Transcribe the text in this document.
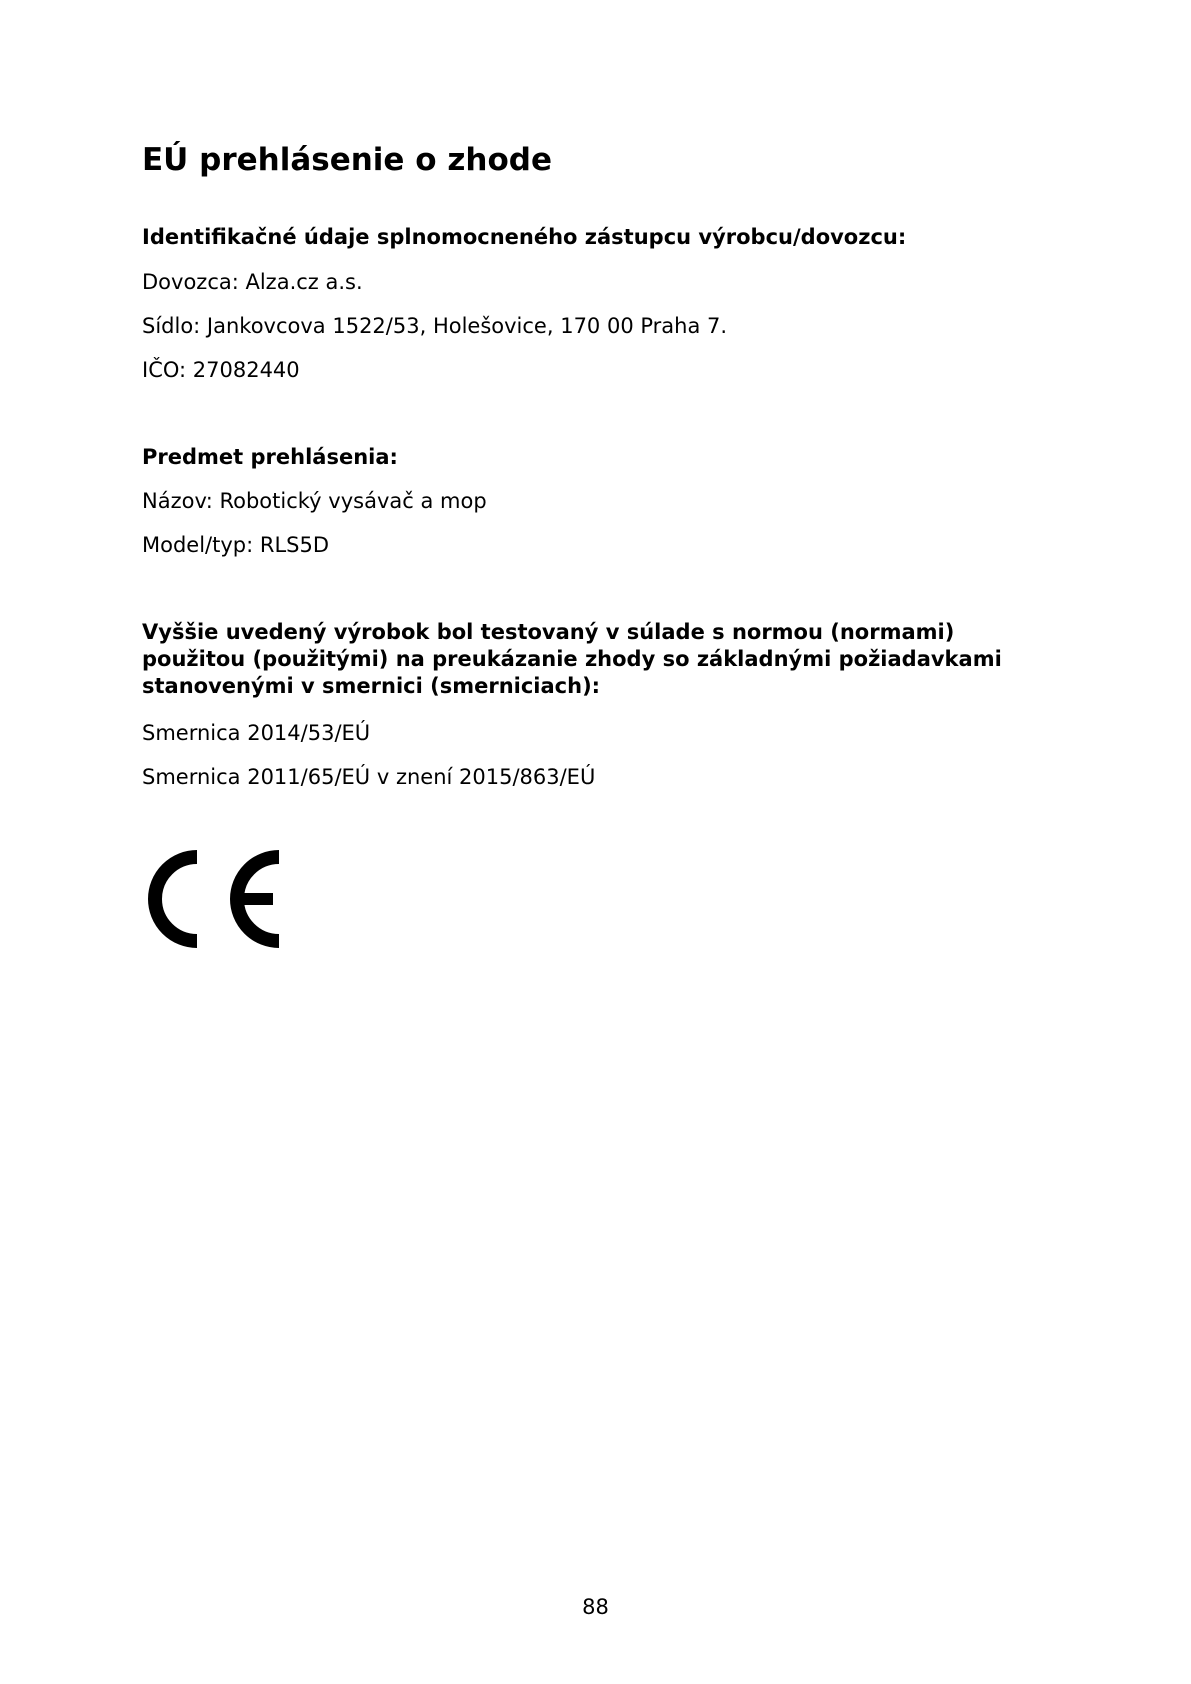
EÚ prehlásenie o zhode
Identifikačné údaje splnomocneného zástupcu výrobcu/dovozcu:
Dovozca: Alza.cz a.s.
Sídlo: Jankovcova 1522/53, Holešovice, 170 00 Praha 7.
IČO: 27082440
Predmet prehlásenia:
Názov: Robotický vysávač a mop
Model/typ: RLS5D
Vyššie uvedený výrobok bol testovaný v súlade s normou (normami) použitou (použitými) na preukázanie zhody so základnými požiadavkami stanovenými v smernici (smerniciach):
Smernica 2014/53/EÚ
Smernica 2011/65/EÚ v znení 2015/863/EÚ
88
